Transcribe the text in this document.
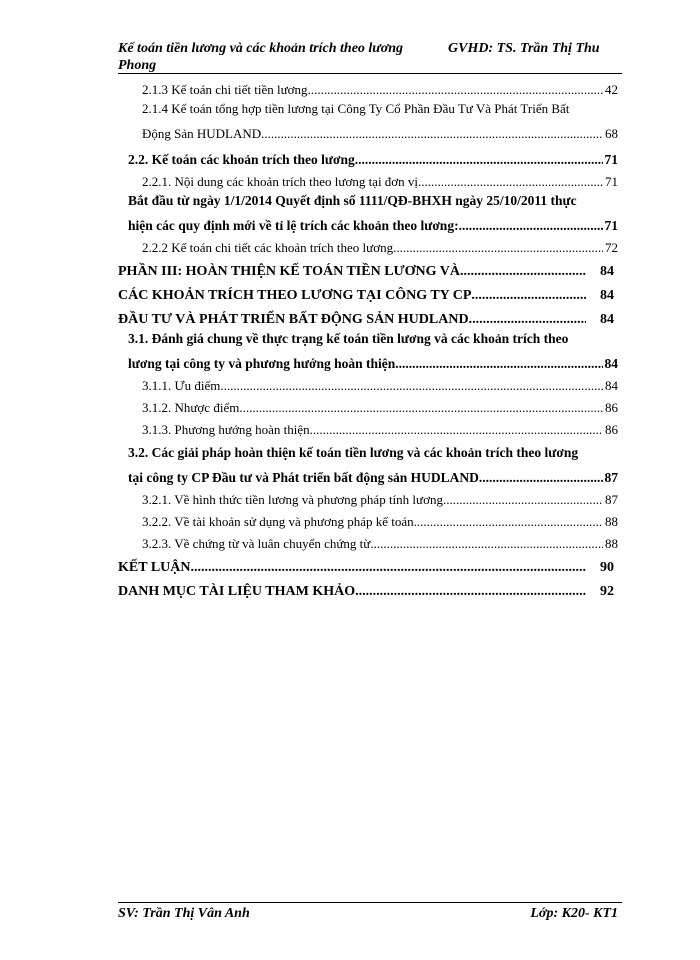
Kế toán tiền lương và các khoản trích theo lương Phong
GVHD: TS. Trần Thị Thu
2.1.3 Kế toán chi tiết tiền lương .....	42
2.1.4 Kế toán tổng hợp tiền lương tại Công Ty Cổ Phần Đầu Tư Và Phát Triển Bất
Động Sản HUDLAND .....	68
2.2. Kế toán các khoản trích theo lương .....	71
2.2.1. Nội dung các khoản trích theo lương tại đơn vị .....	71
Bắt đầu từ ngày 1/1/2014 Quyết định số 1111/QĐ-BHXH ngày 25/10/2011 thực
hiện các quy định mới về tỉ lệ trích các khoản theo lương: .....	71
2.2.2 Kế toán chi tiết các khoản trích theo lương .....	72
PHẦN III: HOÀN THIỆN KẾ TOÁN TIỀN LƯƠNG VÀ .....	84
CÁC KHOẢN TRÍCH THEO LƯƠNG TẠI CÔNG TY CP .....	84
ĐẦU TƯ VÀ PHÁT TRIỂN BẤT ĐỘNG SẢN HUDLAND .....	84
3.1. Đánh giá chung về thực trạng kế toán tiền lương và các khoản trích theo
lương tại công ty và phương hướng hoàn thiện .....	84
3.1.1. Ưu điểm .....	84
3.1.2. Nhược điểm .....	86
3.1.3. Phương hướng hoàn thiện .....	86
3.2. Các giải pháp hoàn thiện kế toán tiền lương và các khoản trích theo lương
tại công ty CP Đầu tư và Phát triển bất động sản HUDLAND .....	87
3.2.1. Về hình thức tiền lương và phương pháp tính lương .....	87
3.2.2. Về tài khoản sử dụng và phương pháp kế toán .....	88
3.2.3. Về chứng từ và luân chuyển chứng từ .....	88
KẾT LUẬN .....	90
DANH MỤC TÀI LIỆU THAM KHẢO .....	92
SV: Trần Thị Vân Anh	Lớp: K20- KT1
